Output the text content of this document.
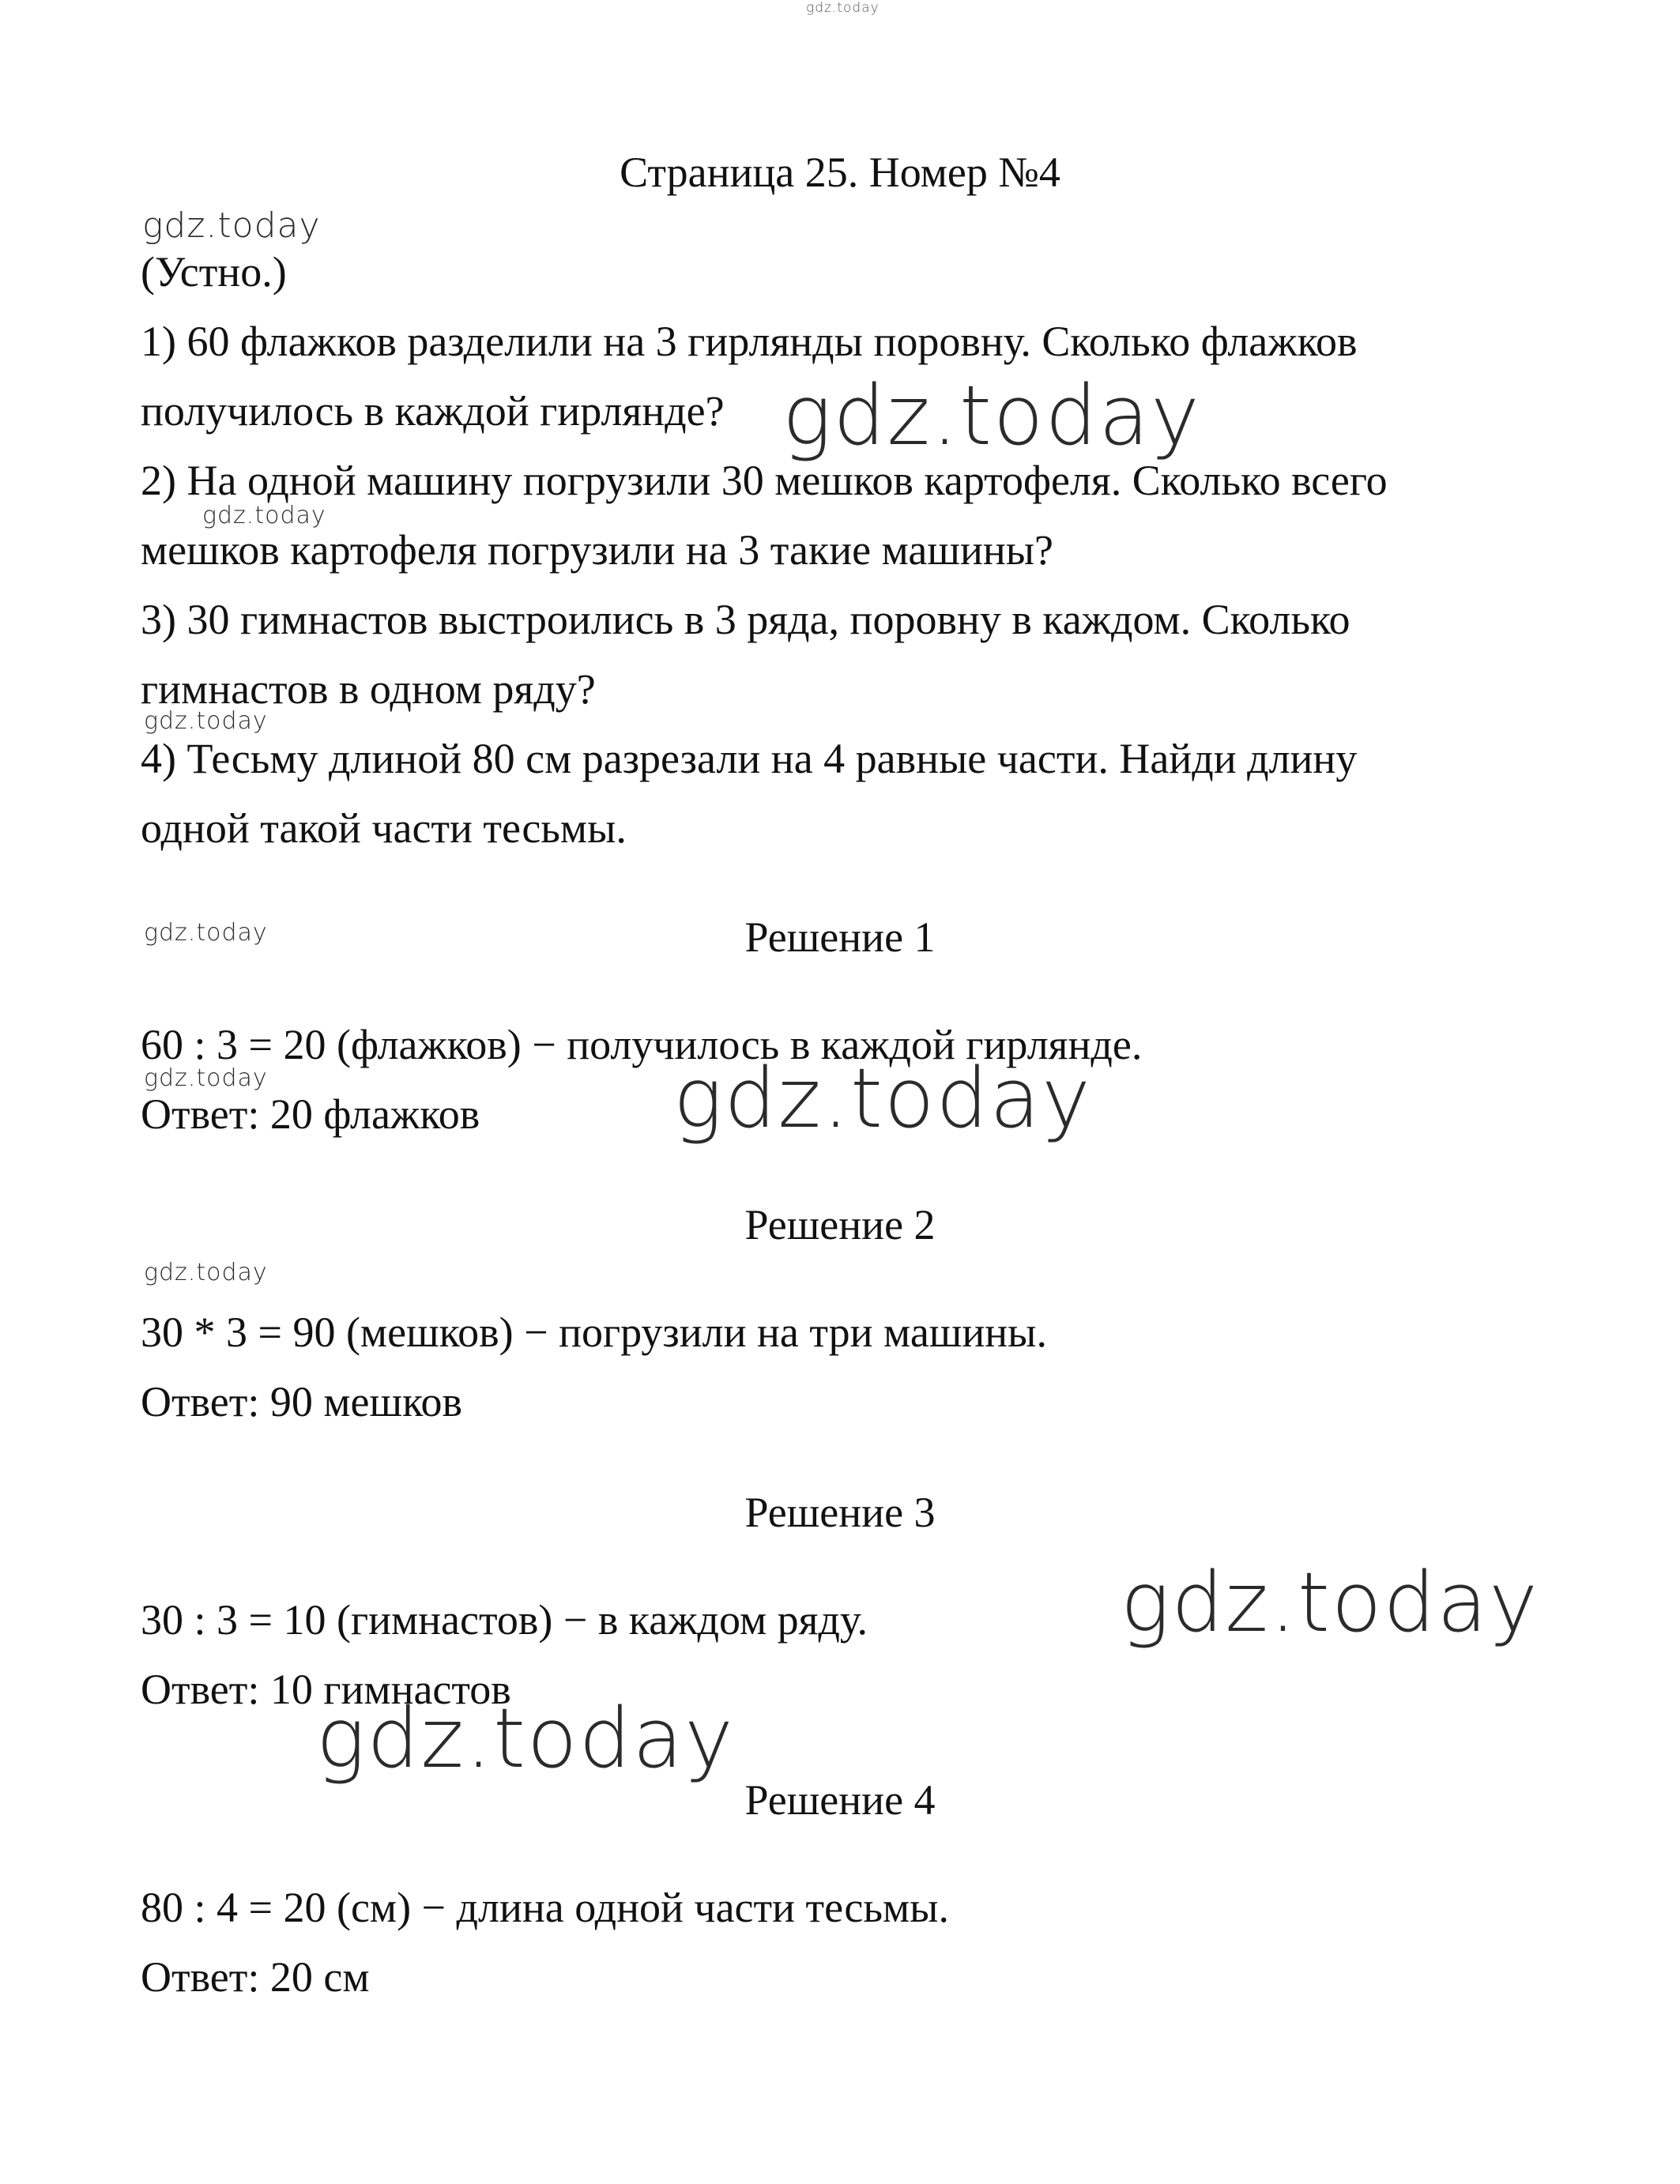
gdz.today
Страница 25. Номер №4
gdz.today
(Устно.)
1) 60 флажков разделили на 3 гирлянды поровну. Сколько флажков
получилось в каждой гирлянде? gdz.today
2) На одной машину погрузили 30 мешков картофеля. Сколько всего
gdz.today
мешков картофеля погрузили на 3 такие машины?
3) 30 гимнастов выстроились в 3 ряда, поровну в каждом. Сколько
гимнастов в одном ряду?
gdz.today
4) Тесьму длиной 80 см разрезали на 4 равные части. Найди длину
одной такой части тесьмы.
gdz.today	Решение 1
60 : 3 = 20 (флажков) − получилось в каждой гирлянде.
gdz.today
Ответ: 20 флажков gdz.today
Решение 2
gdz.today
30 * 3 = 90 (мешков) − погрузили на три машины.
Ответ: 90 мешков
Решение 3
30 : 3 = 10 (гимнастов) − в каждом ряду.	gdz.today
Ответ: 10 гимнастов
gdz.today
Решение 4
80 : 4 = 20 (см) − длина одной части тесьмы.
Ответ: 20 см
